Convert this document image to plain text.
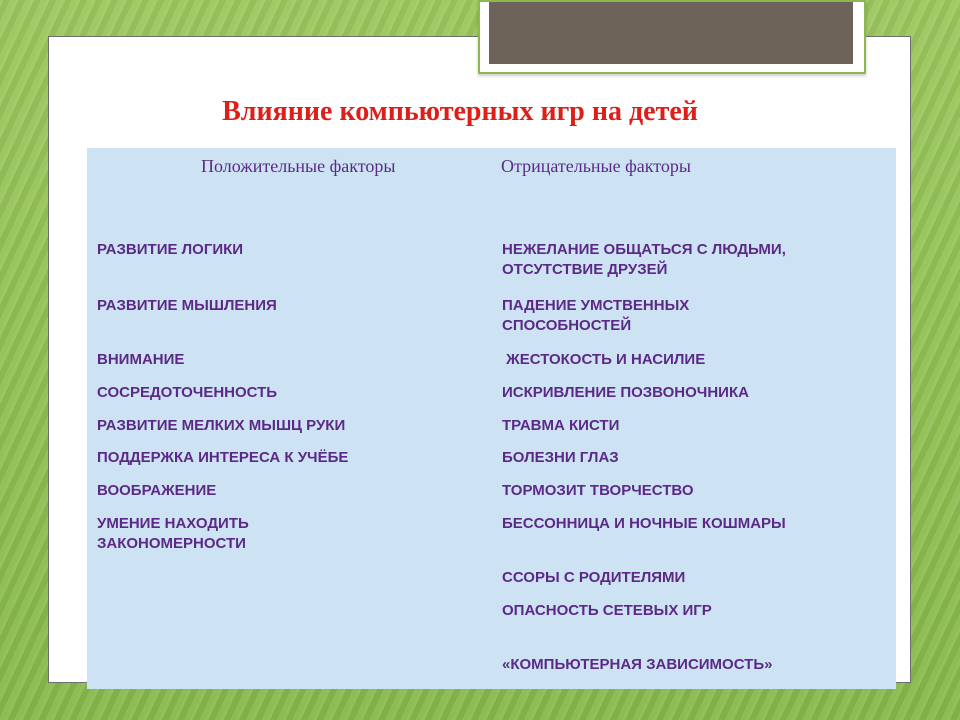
Влияние компьютерных игр на детей
Положительные факторы	Отрицательные факторы
РАЗВИТИЕ ЛОГИКИ
РАЗВИТИЕ МЫШЛЕНИЯ
ВНИМАНИЕ
СОСРЕДОТОЧЕННОСТЬ
РАЗВИТИЕ МЕЛКИХ МЫШЦ РУКИ
ПОДДЕРЖКА ИНТЕРЕСА К УЧЁБЕ
ВООБРАЖЕНИЕ
УМЕНИЕ НАХОДИТЬ ЗАКОНОМЕРНОСТИ
НЕЖЕЛАНИЕ ОБЩАТЬСЯ С ЛЮДЬМИ, ОТСУТСТВИЕ ДРУЗЕЙ
ПАДЕНИЕ УМСТВЕННЫХ СПОСОБНОСТЕЙ
ЖЕСТОКОСТЬ И НАСИЛИЕ
ИСКРИВЛЕНИЕ ПОЗВОНОЧНИКА
ТРАВМА КИСТИ
БОЛЕЗНИ ГЛАЗ
ТОРМОЗИТ ТВОРЧЕСТВО
БЕССОННИЦА И НОЧНЫЕ КОШМАРЫ
ССОРЫ С РОДИТЕЛЯМИ
ОПАСНОСТЬ СЕТЕВЫХ ИГР
«КОМПЬЮТЕРНАЯ ЗАВИСИМОСТЬ»
